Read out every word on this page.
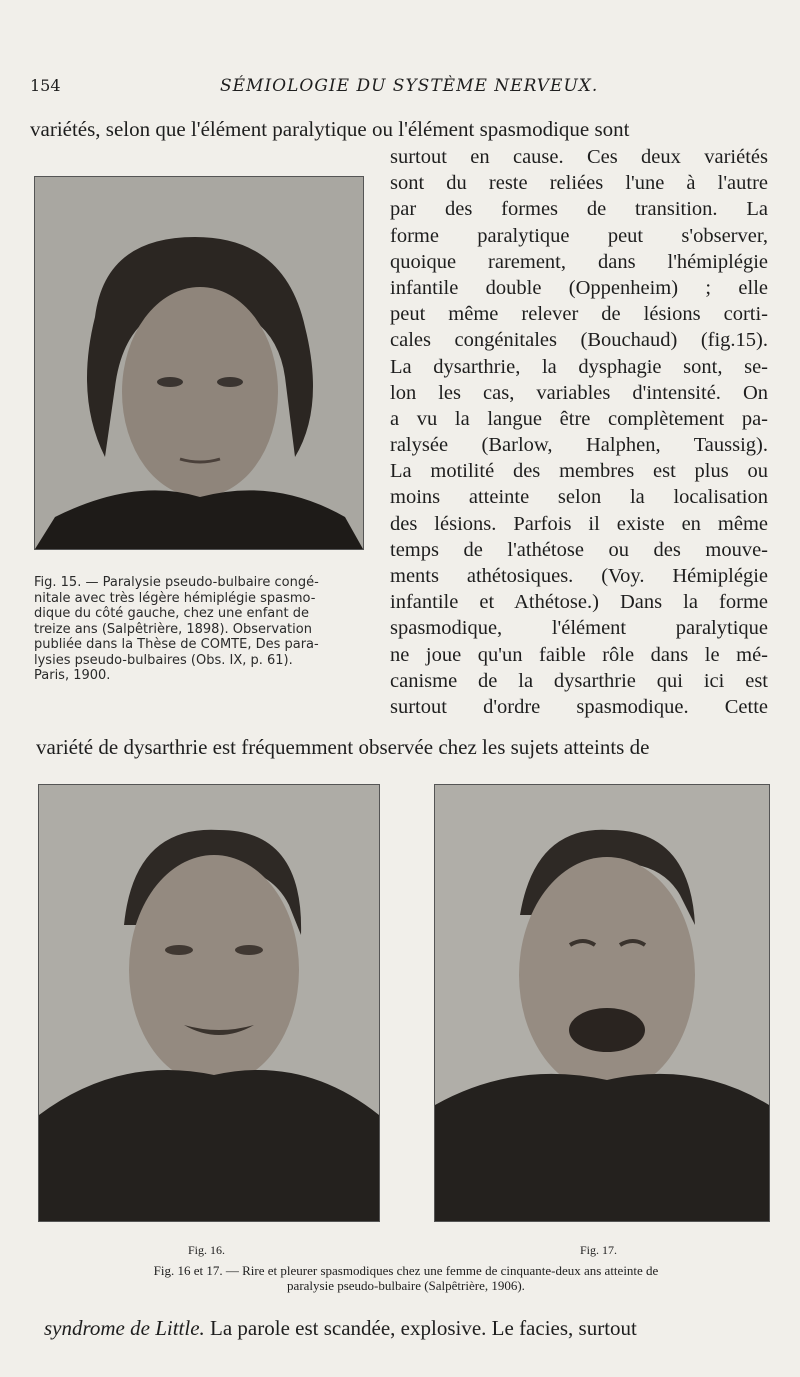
154	SÉMIOLOGIE DU SYSTÈME NERVEUX.
variétés, selon que l'élément paralytique ou l'élément spasmodique sont
Fig. 15. — Paralysie pseudo-bulbaire congé-
nitale avec très légère hémiplégie spasmo-
dique du côté gauche, chez une enfant de
treize ans (Salpêtrière, 1898). Observation
publiée dans la Thèse de COMTE, Des para-
lysies pseudo-bulbaires (Obs. IX, p. 61).
Paris, 1900.
surtout en cause. Ces deux variétés
sont du reste reliées l'une à l'autre
par des formes de transition. La
forme paralytique peut s'observer,
quoique rarement, dans l'hémiplégie
infantile double (Oppenheim) ; elle
peut même relever de lésions corti-
cales congénitales (Bouchaud) (fig.15).
La dysarthrie, la dysphagie sont, se-
lon les cas, variables d'intensité. On
a vu la langue être complètement pa-
ralysée (Barlow, Halphen, Taussig).
La motilité des membres est plus ou
moins atteinte selon la localisation
des lésions. Parfois il existe en même
temps de l'athétose ou des mouve-
ments athétosiques. (Voy. Hémiplégie
infantile et Athétose.) Dans la forme
spasmodique, l'élément paralytique
ne joue qu'un faible rôle dans le mé-
canisme de la dysarthrie qui ici est
surtout d'ordre spasmodique. Cette
variété de dysarthrie est fréquemment observée chez les sujets atteints de
Fig. 16.	Fig. 17.
Fig. 16 et 17. — Rire et pleurer spasmodiques chez une femme de cinquante-deux ans atteinte de
paralysie pseudo-bulbaire (Salpêtrière, 1906).
syndrome de Little. La parole est scandée, explosive. Le facies, surtout
